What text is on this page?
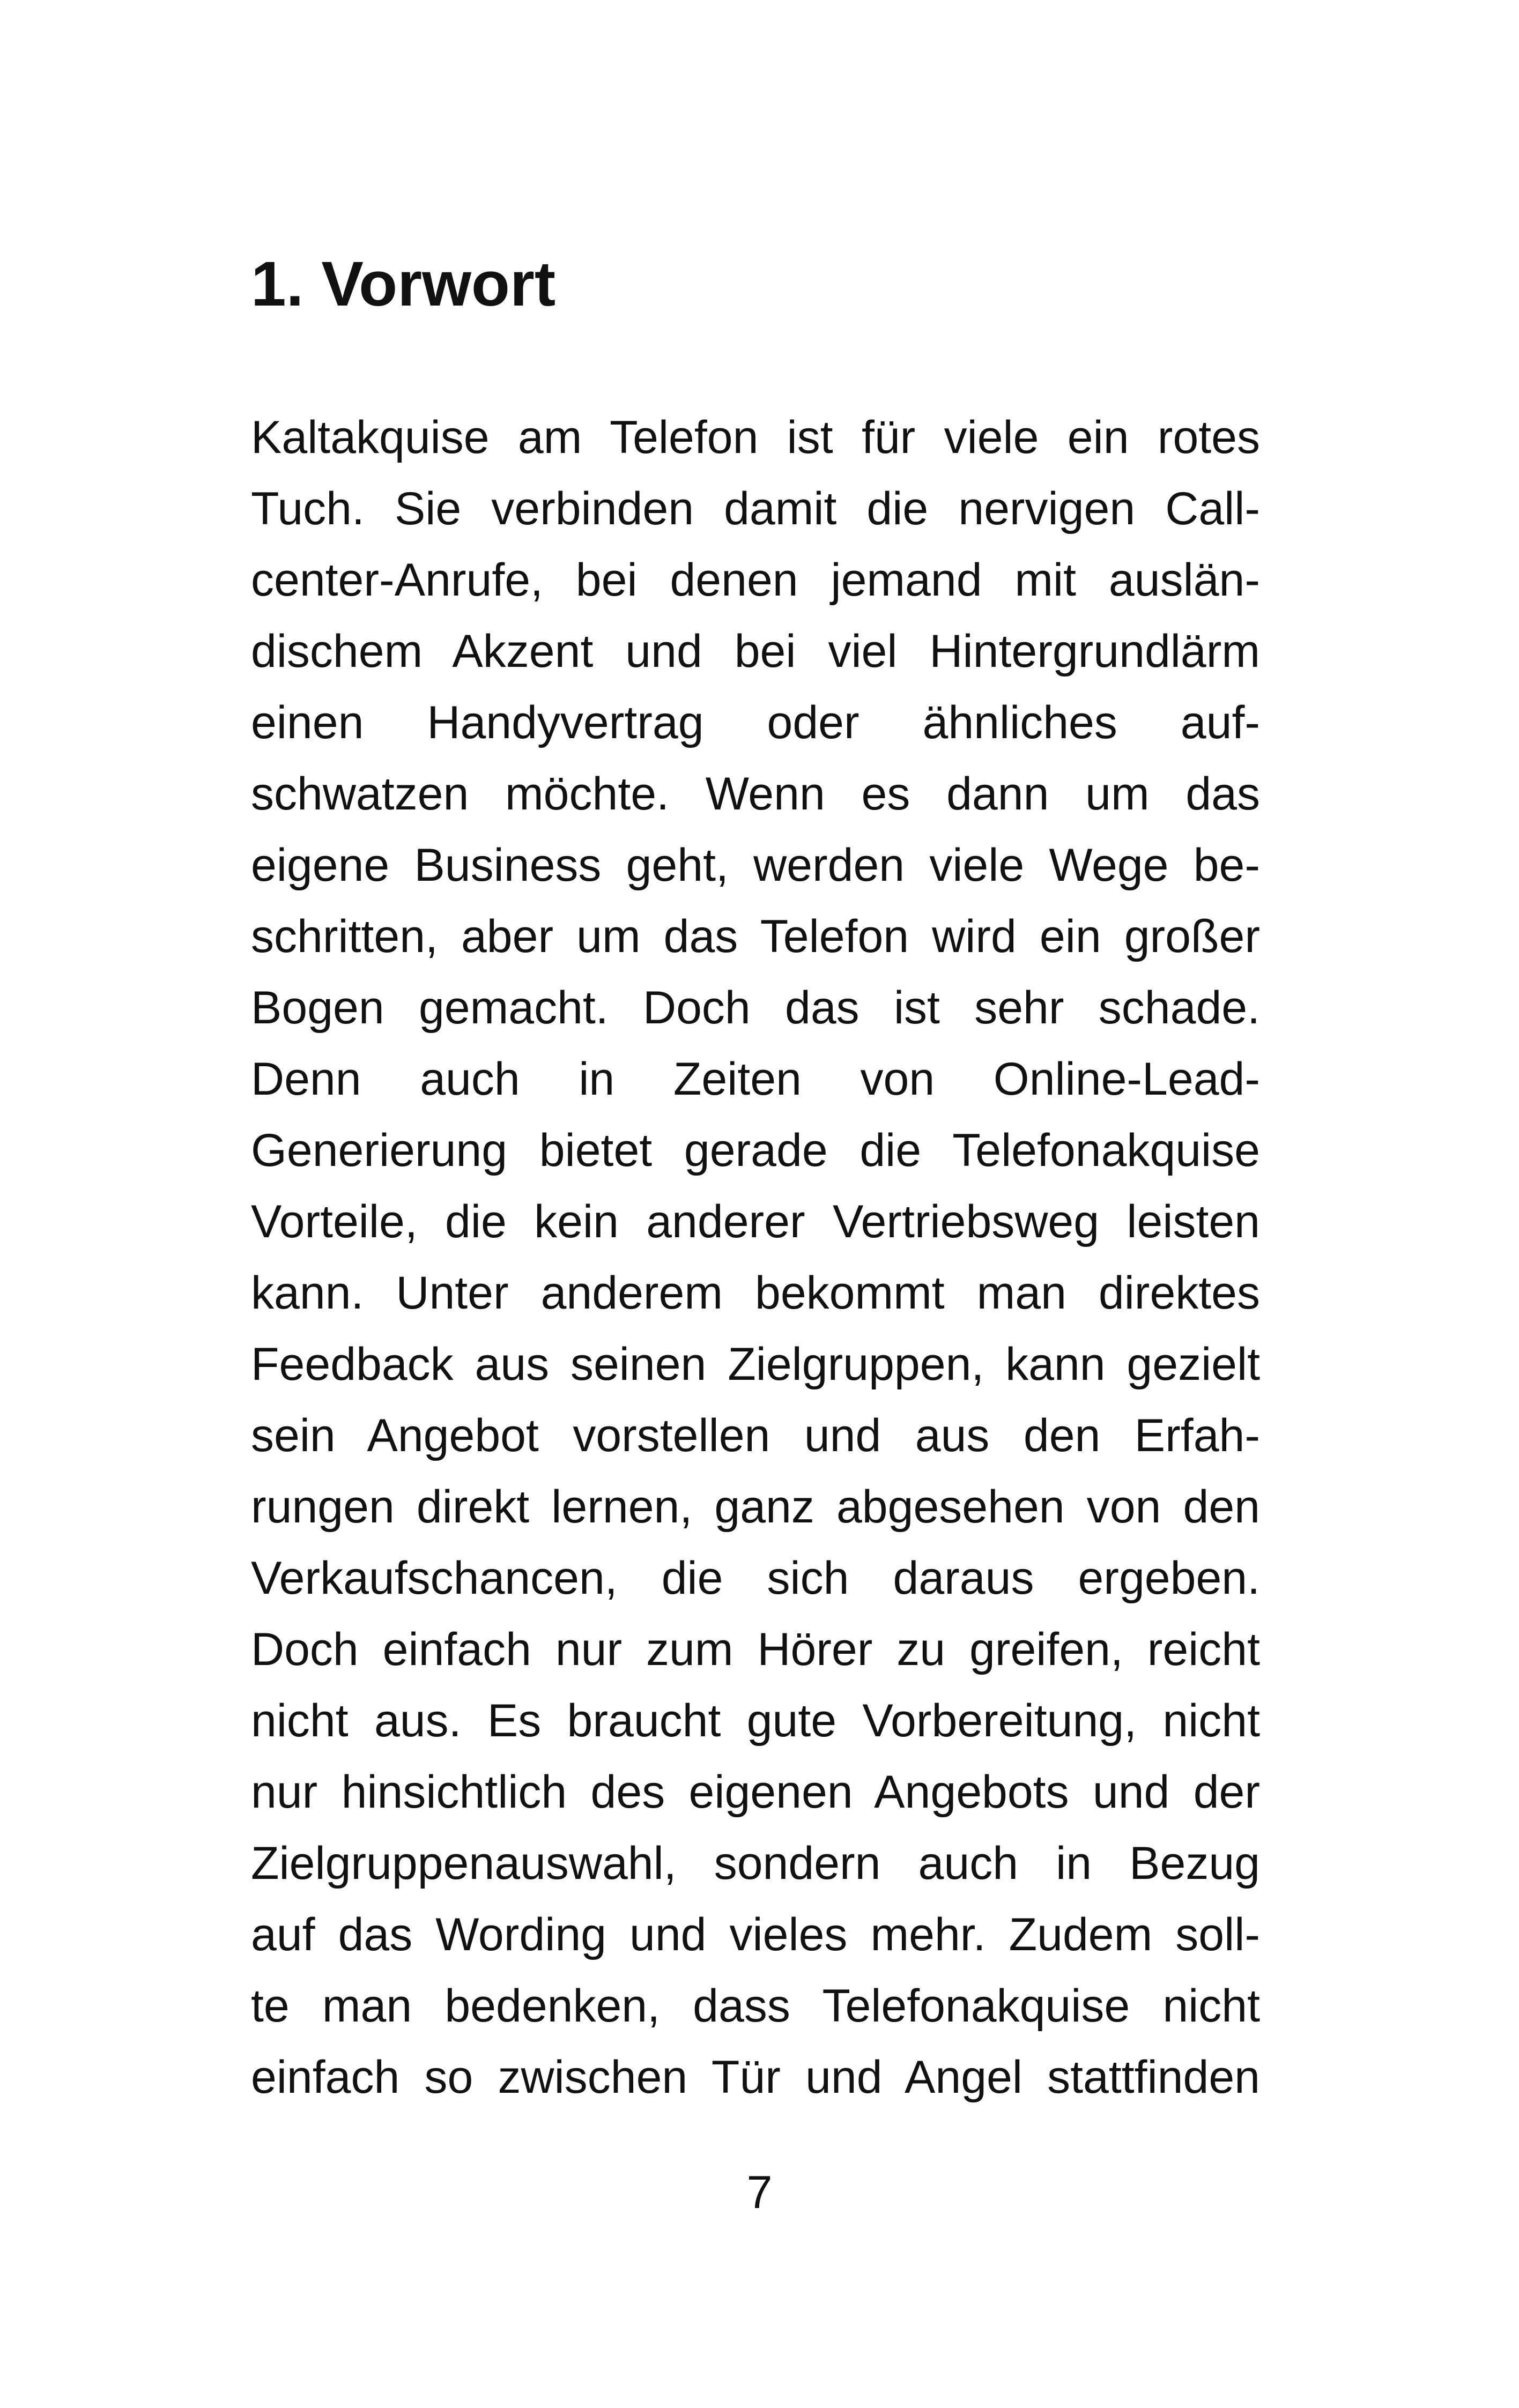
1. Vorwort
Kaltakquise am Telefon ist für viele ein rotes
Tuch. Sie verbinden damit die nervigen Call-
center-Anrufe, bei denen jemand mit auslän-
dischem Akzent und bei viel Hintergrundlärm
einen Handyvertrag oder ähnliches auf-
schwatzen möchte. Wenn es dann um das
eigene Business geht, werden viele Wege be-
schritten, aber um das Telefon wird ein großer
Bogen gemacht. Doch das ist sehr schade.
Denn auch in Zeiten von Online-Lead-
Generierung bietet gerade die Telefonakquise
Vorteile, die kein anderer Vertriebsweg leisten
kann. Unter anderem bekommt man direktes
Feedback aus seinen Zielgruppen, kann gezielt
sein Angebot vorstellen und aus den Erfah-
rungen direkt lernen, ganz abgesehen von den
Verkaufschancen, die sich daraus ergeben.
Doch einfach nur zum Hörer zu greifen, reicht
nicht aus. Es braucht gute Vorbereitung, nicht
nur hinsichtlich des eigenen Angebots und der
Zielgruppenauswahl, sondern auch in Bezug
auf das Wording und vieles mehr. Zudem soll-
te man bedenken, dass Telefonakquise nicht
einfach so zwischen Tür und Angel stattfinden

7
